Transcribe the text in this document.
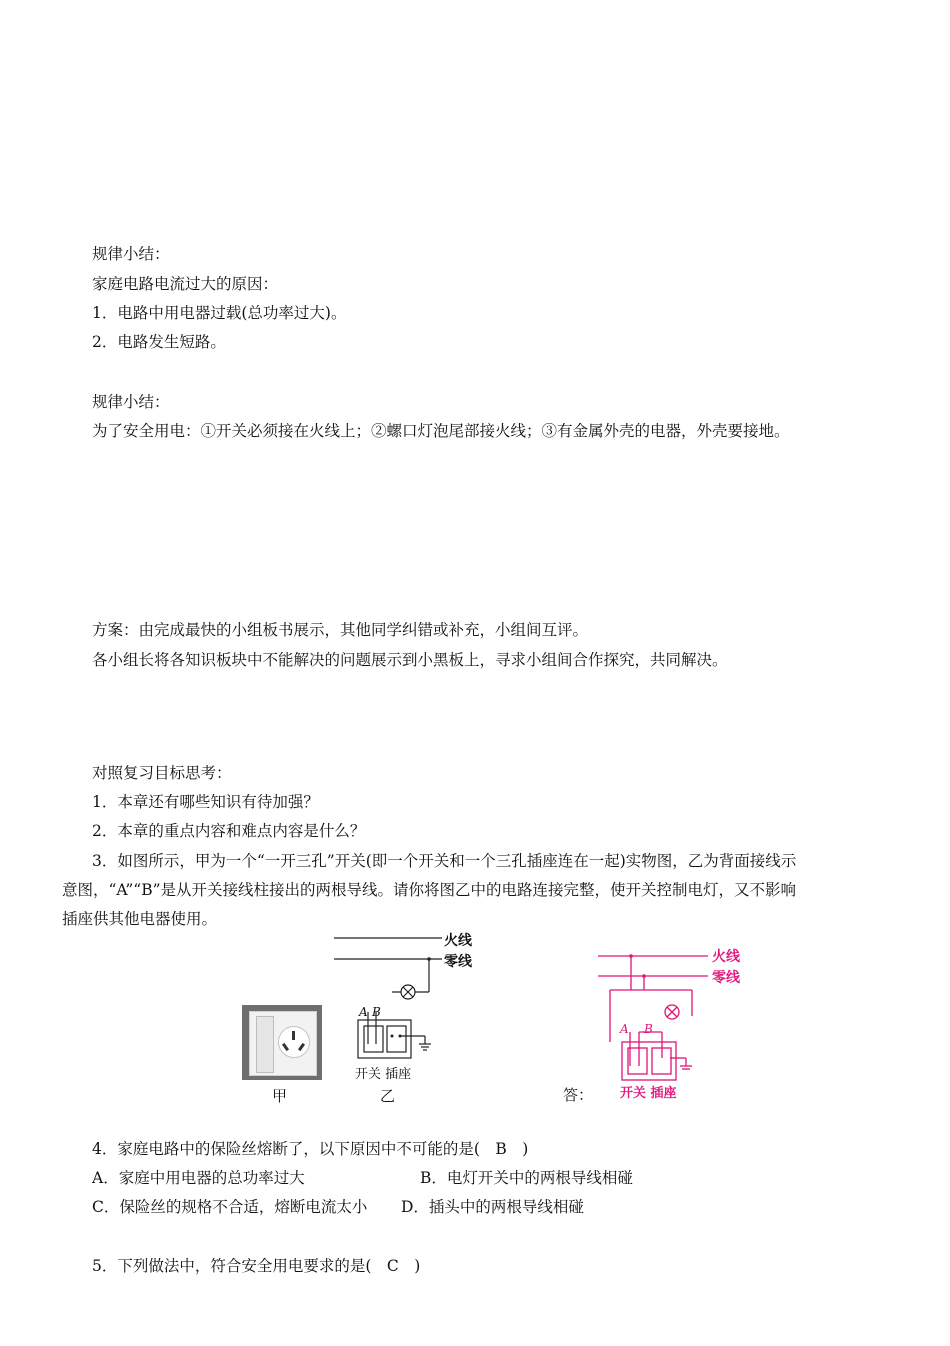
规律小结：
家庭电路电流过大的原因：
1．电路中用电器过载(总功率过大)。
2．电路发生短路。
规律小结：
为了安全用电：①开关必须接在火线上；②螺口灯泡尾部接火线；③有金属外壳的电器，外壳要接地。
方案：由完成最快的小组板书展示，其他同学纠错或补充，小组间互评。
各小组长将各知识板块中不能解决的问题展示到小黑板上，寻求小组间合作探究，共同解决。
对照复习目标思考：
1．本章还有哪些知识有待加强？
2．本章的重点内容和难点内容是什么？
3．如图所示，甲为一个“一开三孔”开关(即一个开关和一个三孔插座连在一起)实物图，乙为背面接线示
意图，“A”“B”是从开关接线柱接出的两根导线。请你将图乙中的电路连接完整，使开关控制电灯，又不影响
插座供其他电器使用。
甲
火线
零线
A B
开关 插座
乙	答：
火线
零线
A B
开关 插座
4．家庭电路中的保险丝熔断了，以下原因中不可能的是(　B　)
A．家庭中用电器的总功率过大	B．电灯开关中的两根导线相碰
C．保险丝的规格不合适，熔断电流太小 D．插头中的两根导线相碰
5．下列做法中，符合安全用电要求的是(　C　)
